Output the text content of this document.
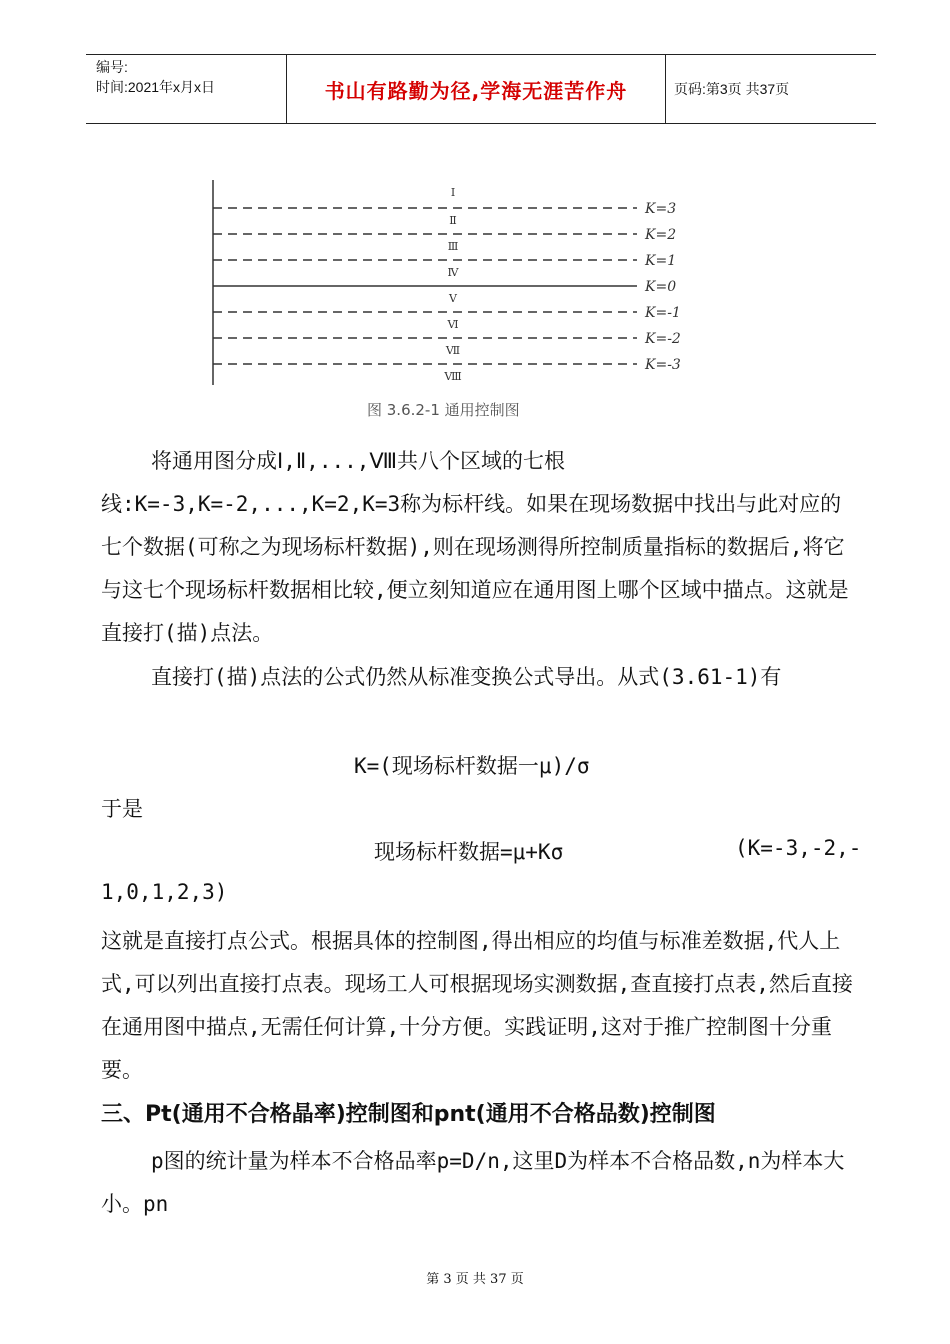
编号:
时间:2021年x月x日	书山有路勤为径,学海无涯苦作舟	页码:第3页 共37页
K=3
K=2
K=1
K=0
K=-1
K=-2
K=-3
Ⅰ
Ⅱ
Ⅲ
Ⅳ
Ⅴ
Ⅵ
Ⅶ
Ⅷ
图 3.6.2-1 通用控制图

将通用图分成Ⅰ,Ⅱ,...,Ⅷ共八个区域的七根线:K=-3,K=-2,...,K=2,K=3称为标杆线。如果在现场数据中找出与此对应的七个数据(可称之为现场标杆数据),则在现场测得所控制质量指标的数据后,将它与这七个现场标杆数据相比较,便立刻知道应在通用图上哪个区域中描点。这就是直接打(描)点法。

直接打(描)点法的公式仍然从标准变换公式导出。从式(3.61-1)有

K=(现场标杆数据一μ)/σ

于是

现场标杆数据=μ+Kσ	(K=-3,-2,-
1,0,1,2,3)

这就是直接打点公式。根据具体的控制图,得出相应的均值与标准差数据,代人上式,可以列出直接打点表。现场工人可根据现场实测数据,查直接打点表,然后直接在通用图中描点,无需任何计算,十分方便。实践证明,这对于推广控制图十分重要。

三、Pt(通用不合格晶率)控制图和pnt(通用不合格品数)控制图

p图的统计量为样本不合格品率p=D/n,这里D为样本不合格品数,n为样本大小。pn

第 3 页 共 37 页
